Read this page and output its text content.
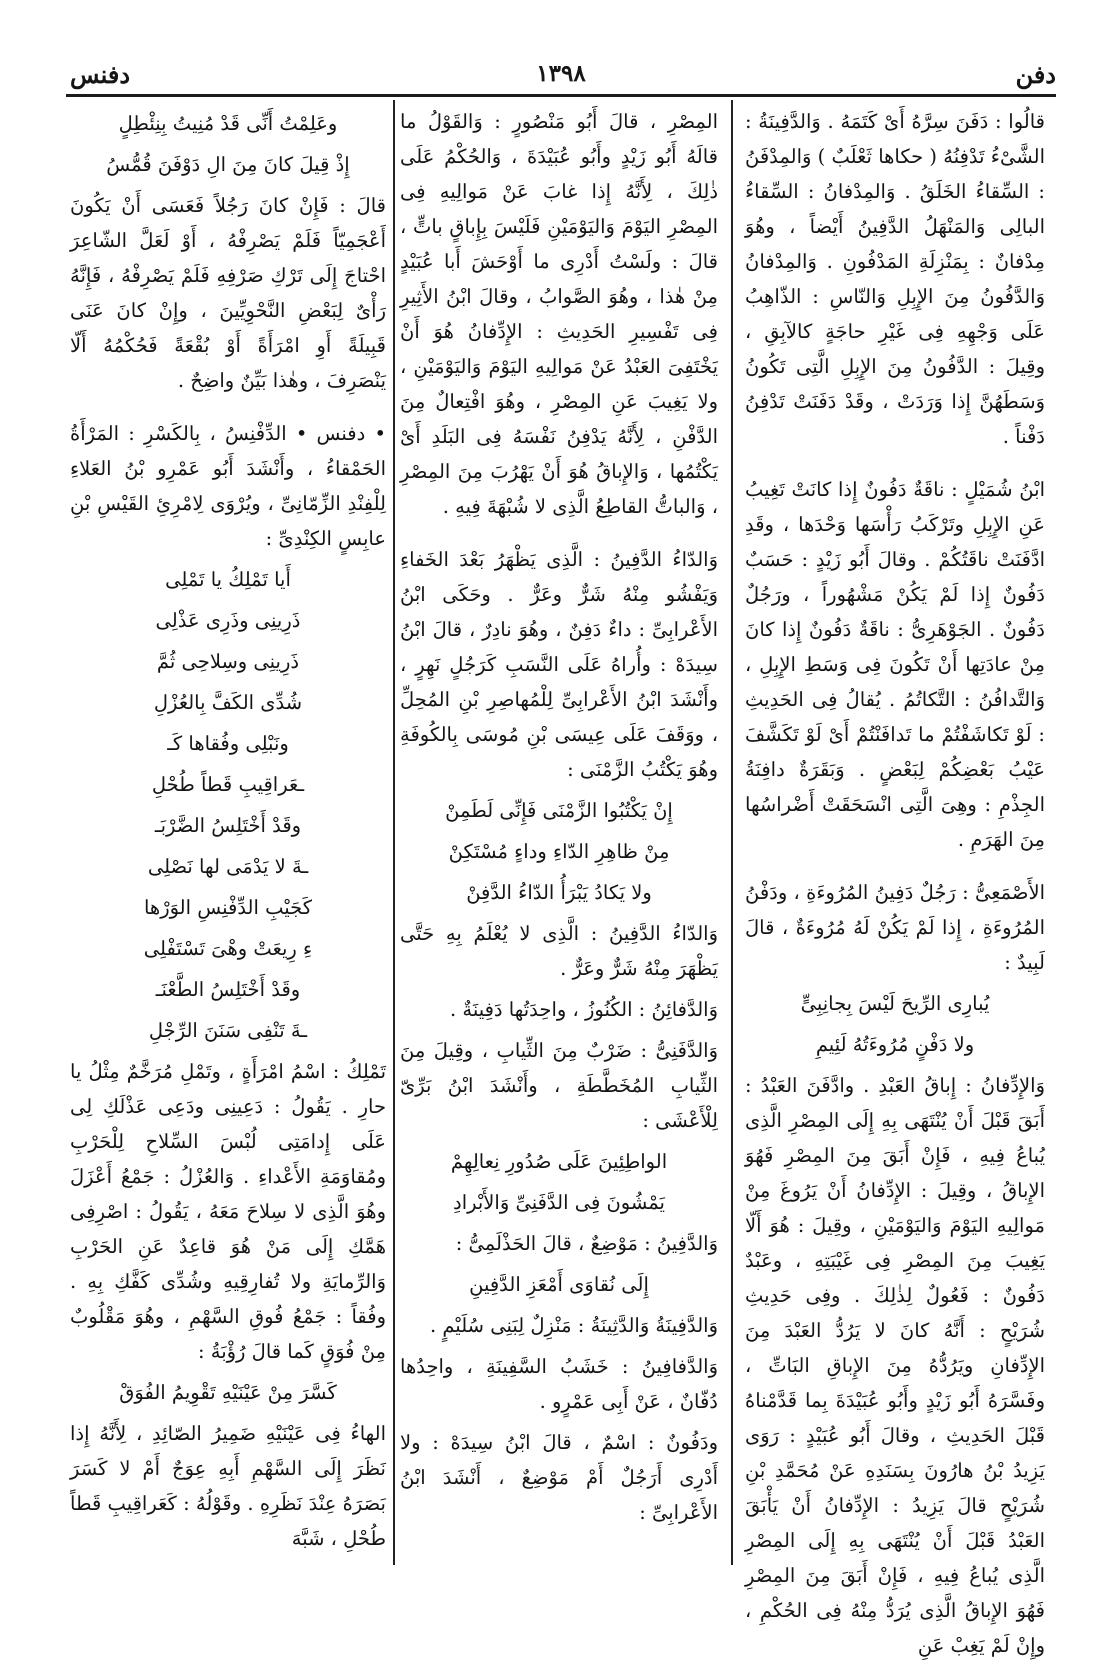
دفن
١٣٩٨
دفنس

قالُوا : دَفَنَ سِرَّهُ أَىْ كَتَمَهُ . وَالدَّفِينَةُ : الشَّىْءُ تَدْفِنُهُ ( حكاها ثَعْلَبٌ ) وَالمِدْفَنُ : السِّقاءُ الخَلَقُ . وَالمِدْفانُ : السِّقاءُ البالِى وَالمَنْهَلُ الدَّفِينُ أَيْضاً ، وهُوَ مِدْفانٌ : بِمَنْزِلَةِ المَدْفُونِ . وَالمِدْفانُ وَالدَّفُونُ مِنَ الإِبِلِ وَالنّاسِ : الذّاهِبُ عَلَى وَجْهِهِ فِى غَيْرِ حاجَةٍ كالآبِقِ ، وقِيلَ : الدَّفُونُ مِنَ الإِبِلِ الَّتِى تَكُونُ وَسَطَهُنَّ إِذا وَرَدَتْ ، وقَدْ دَفَنَتْ تَدْفِنُ دَفْناً .

ابْنُ شُمَيْلٍ : ناقَةٌ دَفُونٌ إِذا كانَتْ تَغِيبُ عَنِ الإِبِلِ وتَرْكَبُ رَأْسَها وَحْدَها ، وقَدِ ادَّفَنَتْ ناقَتُكُمْ . وقالَ أَبُو زَيْدٍ : حَسَبٌ دَفُونٌ إِذا لَمْ يَكُنْ مَشْهُوراً ، ورَجُلٌ دَفُونٌ . الجَوْهَرِىُّ : ناقَةٌ دَفُونٌ إِذا كانَ مِنْ عادَتِها أَنْ تَكُونَ فِى وَسَطِ الإِبِلِ ، وَالتَّدافُنُ : التَّكاتُمُ . يُقالُ فِى الحَدِيثِ : لَوْ تَكاشَفْتُمْ ما تَدافَنْتُمْ أَىْ لَوْ تَكَشَّفَ عَيْبُ بَعْضِكُمْ لِبَعْضٍ . وَبَقَرَةٌ دافِنَةُ الجِذْمِ : وهِىَ الَّتِى انْسَحَقَتْ أَضْراسُها مِنَ الهَرَمِ .

الأَصْمَعِىُّ : رَجُلٌ دَفِينُ المُرُوءَةِ ، ودَفْنُ المُرُوءَةِ ، إِذا لَمْ يَكُنْ لَهُ مُرُوءَةٌ ، قالَ لَبِيدٌ :

يُبارِى الرِّيحَ لَيْسَ بِجانِبِىٍّ

ولا دَفْنٍ مُرُوءَتُهُ لَئِيمِ

وَالإِدِّفانُ : إِباقُ العَبْدِ . وادَّفَنَ العَبْدُ : أَبَقَ قَبْلَ أَنْ يُنْتَهَى بِهِ إِلَى المِصْرِ الَّذِى يُباعُ فِيهِ ، فَإِنْ أَبَقَ مِنَ المِصْرِ فَهُوَ الإِباقُ ، وقِيلَ : الإِدِّفانُ أَنْ يَرُوغَ مِنْ مَوالِيهِ اليَوْمَ وَاليَوْمَيْنِ ، وقِيلَ : هُوَ أَلّا يَغِيبَ مِنَ المِصْرِ فِى غَيْبَتِهِ ، وعَبْدٌ دَفُونٌ : فَعُولٌ لِذٰلِكَ . وفِى حَدِيثِ شُرَيْحٍ : أَنَّهُ كانَ لا يَرُدُّ العَبْدَ مِنَ الإِدِّفانِ ويَرُدُّهُ مِنَ الإِباقِ البَاتِّ ، وفَسَّرَهُ أَبُو زَيْدٍ وأَبُو عُبَيْدَةَ بِما قَدَّمْناهُ قَبْلَ الحَدِيثِ ، وقالَ أَبُو عُبَيْدٍ : رَوَى يَزِيدُ بْنُ هارُونَ بِسَنَدِهِ عَنْ مُحَمَّدِ بْنِ شُرَيْحٍ قالَ يَزِيدُ : الإِدِّفانُ أَنْ يَأْبَقَ العَبْدُ قَبْلَ أَنْ يُنْتَهَى بِهِ إِلَى المِصْرِ الَّذِى يُباعُ فِيهِ ، فَإِنْ أَبَقَ مِنَ المِصْرِ فَهُوَ الإِباقُ الَّذِى يُرَدُّ مِنْهُ فِى الحُكْمِ ، وإِنْ لَمْ يَغِبْ عَنِ

المِصْرِ ، قالَ أَبُو مَنْصُورٍ : وَالقَوْلُ ما قالَهُ أَبُو زَيْدٍ وأَبُو عُبَيْدَةَ ، وَالحُكْمُ عَلَى ذٰلِكَ ، لِأَنَّهُ إِذا غابَ عَنْ مَوالِيهِ فِى المِصْرِ اليَوْمَ وَاليَوْمَيْنِ فَلَيْسَ بِإِباقٍ باتٍّ ، قالَ : ولَسْتُ أَدْرِى ما أَوْحَشَ أَبا عُبَيْدٍ مِنْ هٰذا ، وهُوَ الصَّوابُ ، وقالَ ابْنُ الأَثِيرِ فِى تَفْسِيرِ الحَدِيثِ : الإِدِّفانُ هُوَ أَنْ يَخْتَفِىَ العَبْدُ عَنْ مَوالِيهِ اليَوْمَ وَاليَوْمَيْنِ ، ولا يَغِيبَ عَنِ المِصْرِ ، وهُوَ افْتِعالٌ مِنَ الدَّفْنِ ، لِأَنَّهُ يَدْفِنُ نَفْسَهُ فِى البَلَدِ أَىْ يَكْتُمُها ، وَالإِباقُ هُوَ أَنْ يَهْرُبَ مِنَ المِصْرِ ، وَالباتُّ القاطِعُ الَّذِى لا شُبْهَةَ فِيهِ .

وَالدّاءُ الدَّفِينُ : الَّذِى يَظْهَرُ بَعْدَ الخَفاءِ وَيَفْشُو مِنْهُ شَرٌّ وعَرٌّ . وحَكَى ابْنُ الأَعْرابِىِّ : داءٌ دَفِنٌ ، وهُوَ نادِرٌ ، قالَ ابْنُ سِيدَهْ : وأُراهُ عَلَى النَّسَبِ كَرَجُلٍ نَهِرٍ ، وأَنْشَدَ ابْنُ الأَعْرابِىِّ لِلْمُهاصِرِ بْنِ المُحِلِّ ، ووَقَفَ عَلَى عِيسَى بْنِ مُوسَى بِالكُوفَةِ وهُوَ يَكْتُبُ الزَّمْنَى :

إِنْ يَكْتُبُوا الزَّمْنَى فَإِنِّى لَطَمِنْ

مِنْ ظاهِرِ الدّاءِ وداءٍ مُسْتَكِنْ

ولا يَكادُ يَبْرَأُ الدّاءُ الدَّفِنْ

وَالدّاءُ الدَّفِينُ : الَّذِى لا يُعْلَمُ بِهِ حَتَّى يَظْهَرَ مِنْهُ شَرٌّ وعَرٌّ .

وَالدَّفائِنُ : الكُنُوزُ ، واحِدَتُها دَفِينَةٌ .

وَالدَّفَنِىُّ : ضَرْبٌ مِنَ الثِّيابِ ، وقِيلَ مِنَ الثِّيابِ المُخَطَّطَةِ ، وأَنْشَدَ ابْنُ بَرِّىّ لِلْأَعْشَى :

الواطِئِينَ عَلَى صُدُورِ نِعالِهِمْ

يَمْشُونَ فِى الدَّفَنِىِّ وَالأَبْرادِ

وَالدَّفِينُ : مَوْضِعٌ ، قالَ الحَذْلَمِىُّ :

إِلَى نُقاوَى أَمْعَزِ الدَّفِينِ

وَالدَّفِينَةُ وَالدَّثِينَةُ : مَنْزِلٌ لِبَنِى سُلَيْمٍ .

وَالدَّفافِينُ : خَشَبُ السَّفِينَةِ ، واحِدُها دُفّانٌ ، عَنْ أَبِى عَمْرٍو .

ودَفُونٌ : اسْمٌ ، قالَ ابْنُ سِيدَهْ : ولا أَدْرِى أَرَجُلٌ أَمْ مَوْضِعٌ ، أَنْشَدَ ابْنُ الأَعْرابِىِّ :

وعَلِمْتُ أَنِّى قَدْ مُنِيتُ بِنِئْطِلٍ

إِذْ قِيلَ كانَ مِنَ الِ دَوْفَنَ قُمُّسُ

قالَ : فَإِنْ كانَ رَجُلاً فَعَسَى أَنْ يَكُونَ أَعْجَمِيّاً فَلَمْ يَصْرِفْهُ ، أَوْ لَعَلَّ الشّاعِرَ احْتاجَ إِلَى تَرْكِ صَرْفِهِ فَلَمْ يَصْرِفْهُ ، فَإِنَّهُ رَأْىٌ لِبَعْضِ النَّحْوِيِّينَ ، وإِنْ كانَ عَنَى قَبِيلَةً أَوِ امْرَأَةً أَوْ بُقْعَةً فَحُكْمُهُ أَلّا يَنْصَرِفَ ، وهٰذا بَيِّنٌ واضِحٌ .

• دفنس • الدِّفْنِسُ ، بِالكَسْرِ : المَرْأَةُ الحَمْقاءُ ، وأَنْشَدَ أَبُو عَمْرِو بْنُ العَلاءِ لِلْفِنْدِ الزِّمّانِىِّ ، ويُرْوَى لِامْرِئِ القَيْسِ بْنِ عابِسٍ الكِنْدِىِّ :

أَيا تَمْلِكُ يا تَمْلِى

ذَرِينِى وذَرِى عَذْلِى

ذَرِينِى وسِلاحِى ثُمَّ

شُدِّى الكَفَّ بِالعُزْلِ

ونَبْلِى وفُقاها كَـ

ـعَراقِيبِ قَطاً طُحْلِ

وقَدْ أَخْتَلِسُ الضَّرْبَـ

ـةَ لا يَدْمَى لها نَصْلِى

كَجَيْبِ الدِّفْنِسِ الوَرْها

ءِ رِيعَتْ وهْىَ تَسْتَفْلِى

وقَدْ أَخْتَلِسُ الطَّعْنَـ

ـةَ تَنْفِى سَنَنَ الرِّجْلِ

تَمْلِكُ : اسْمُ امْرَأَةٍ ، وتَمْلِ مُرَخَّمٌ مِثْلُ يا حارِ . يَقُولُ : دَعِينِى ودَعِى عَذْلَكِ لِى عَلَى إِدامَتِى لُبْسَ السِّلاحِ لِلْحَرْبِ ومُقاوَمَةِ الأَعْداءِ . وَالعُزْلُ : جَمْعُ أَعْزَلَ وهُوَ الَّذِى لا سِلاحَ مَعَهُ ، يَقُولُ : اصْرِفِى هَمَّكِ إِلَى مَنْ هُوَ قاعِدٌ عَنِ الحَرْبِ وَالرِّمايَةِ ولا تُفارِقِيهِ وشُدِّى كَفَّكِ بِهِ . وفُقاً : جَمْعُ فُوقِ السَّهْمِ ، وهُوَ مَقْلُوبٌ مِنْ فُوَقٍ كَما قالَ رُؤْبَةُ :

كَسَّرَ مِنْ عَيْنَيْهِ تَقْوِيمُ الفُوَقْ

الهاءُ فِى عَيْنَيْهِ ضَمِيرُ الصّائِدِ ، لِأَنَّهُ إِذا نَظَرَ إِلَى السَّهْمِ أَبِهِ عِوَجٌ أَمْ لا كَسَرَ بَصَرَهُ عِنْدَ نَظَرِهِ . وقَوْلُهُ : كَعَراقِيبِ قَطاً طُحْلِ ، شَبَّهَ
